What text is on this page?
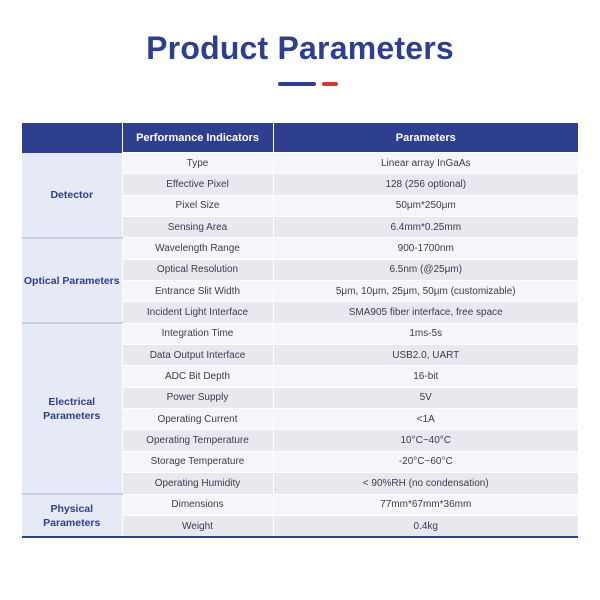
Product Parameters
	Performance Indicators	Parameters
Detector	Type	Linear array InGaAs
	Effective Pixel	128 (256 optional)
	Pixel Size	50μm*250μm
	Sensing Area	6.4mm*0.25mm
Optical Parameters	Wavelength Range	900-1700nm
	Optical Resolution	6.5nm (@25μm)
	Entrance Slit Width	5μm, 10μm, 25μm, 50μm (customizable)
	Incident Light Interface	SMA905 fiber interface, free space
Electrical Parameters	Integration Time	1ms-5s
	Data Output Interface	USB2.0, UART
	ADC Bit Depth	16-bit
	Power Supply	5V
	Operating Current	<1A
	Operating Temperature	10°C~40°C
	Storage Temperature	-20°C~60°C
	Operating Humidity	< 90%RH (no condensation)
Physical Parameters	Dimensions	77mm*67mm*36mm
	Weight	0.4kg
